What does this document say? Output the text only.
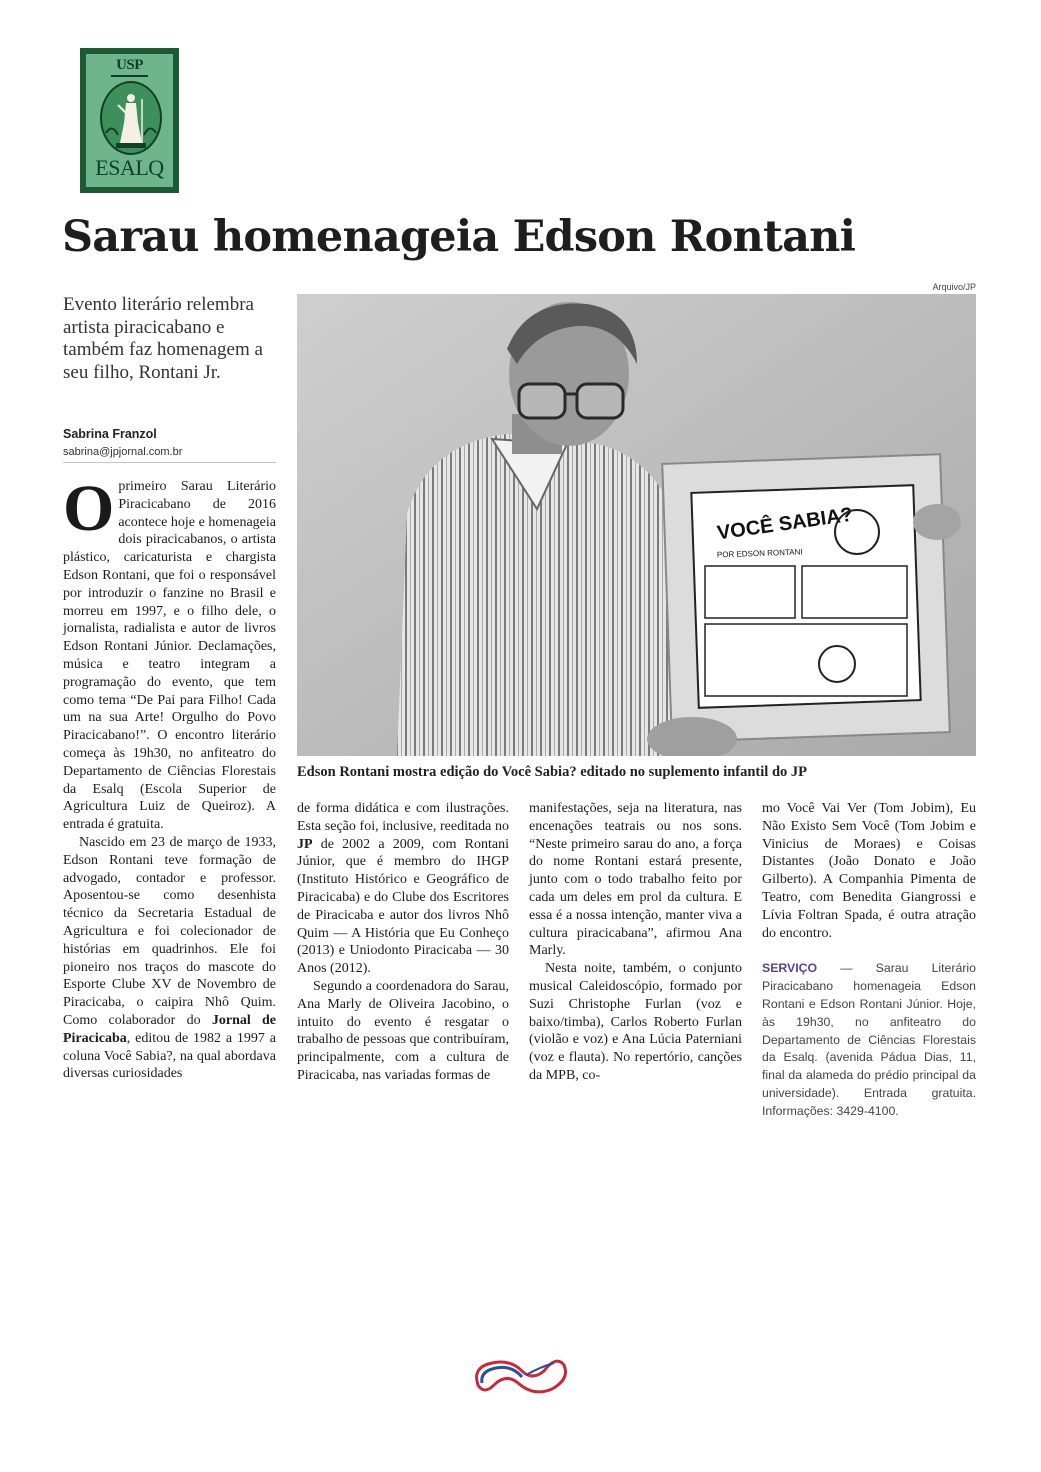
USP
ESALQ
Sarau homenageia Edson Rontani
Evento literário relembra artista piracicabano e também faz homenagem a seu filho, Rontani Jr.
Sabrina Franzol
sabrina@jpjornal.com.br
Arquivo/JP
VOCÊ SABIA?
POR EDSON RONTANI
Edson Rontani mostra edição do Você Sabia? editado no suplemento infantil do JP

Oprimeiro Sarau Literário Piracicabano de 2016 acontece hoje e homenageia dois piracicabanos, o artista plástico, caricaturista e chargista Edson Rontani, que foi o responsável por introduzir o fanzine no Brasil e morreu em 1997, e o filho dele, o jornalista, radialista e autor de livros Edson Rontani Júnior. Declamações, música e teatro integram a programação do evento, que tem como tema “De Pai para Filho! Cada um na sua Arte! Orgulho do Povo Piracicabano!”. O encontro literário começa às 19h30, no anfiteatro do Departamento de Ciências Florestais da Esalq (Escola Superior de Agricultura Luiz de Queiroz). A entrada é gratuita.

Nascido em 23 de março de 1933, Edson Rontani teve formação de advogado, contador e professor. Aposentou-se como desenhista técnico da Secretaria Estadual de Agricultura e foi colecionador de histórias em quadrinhos. Ele foi pioneiro nos traços do mascote do Esporte Clube XV de Novembro de Piracicaba, o caipira Nhô Quim. Como colaborador do Jornal de Piracicaba, editou de 1982 a 1997 a coluna Você Sabia?, na qual abordava diversas curiosidades

de forma didática e com ilustrações. Esta seção foi, inclusive, reeditada no JP de 2002 a 2009, com Rontani Júnior, que é membro do IHGP (Instituto Histórico e Geográfico de Piracicaba) e do Clube dos Escritores de Piracicaba e autor dos livros Nhô Quim — A História que Eu Conheço (2013) e Uniodonto Piracicaba — 30 Anos (2012).

Segundo a coordenadora do Sarau, Ana Marly de Oliveira Jacobino, o intuito do evento é resgatar o trabalho de pessoas que contribuíram, principalmente, com a cultura de Piracicaba, nas variadas formas de

manifestações, seja na literatura, nas encenações teatrais ou nos sons. “Neste primeiro sarau do ano, a força do nome Rontani estará presente, junto com o todo trabalho feito por cada um deles em prol da cultura. E essa é a nossa intenção, manter viva a cultura piracicabana”, afirmou Ana Marly.

Nesta noite, também, o conjunto musical Caleidoscópio, formado por Suzi Christophe Furlan (voz e baixo/timba), Carlos Roberto Furlan (violão e voz) e Ana Lúcia Paterniani (voz e flauta). No repertório, canções da MPB, co-

mo Você Vai Ver (Tom Jobim), Eu Não Existo Sem Você (Tom Jobim e Vinicius de Moraes) e Coisas Distantes (João Donato e João Gilberto). A Companhia Pimenta de Teatro, com Benedita Giangrossi e Lívia Foltran Spada, é outra atração do encontro.

SERVIÇO — Sarau Literário Piracicabano homenageia Edson Rontani e Edson Rontani Júnior. Hoje, às 19h30, no anfiteatro do Departamento de Ciências Florestais da Esalq. (avenida Pádua Dias, 11, final da alameda do prédio principal da universidade). Entrada gratuita. Informações: 3429-4100.
